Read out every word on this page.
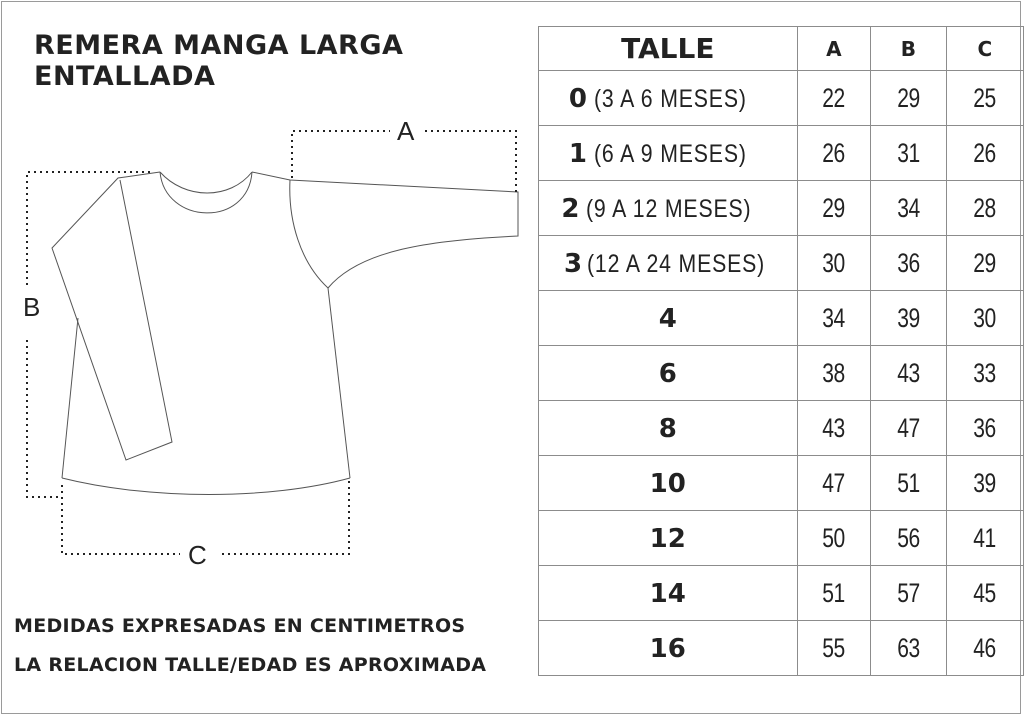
REMERA MANGA LARGA
ENTALLADA
A
B
C
MEDIDAS EXPRESADAS EN CENTIMETROS
LA RELACION TALLE/EDAD ES APROXIMADA
TALLE	A	B	C
0 (3 A 6 MESES)	22	29	25
1 (6 A 9 MESES)	26	31	26
2 (9 A 12 MESES)	29	34	28
3 (12 A 24 MESES)	30	36	29
4	34	39	30
6	38	43	33
8	43	47	36
10	47	51	39
12	50	56	41
14	51	57	45
16	55	63	46
